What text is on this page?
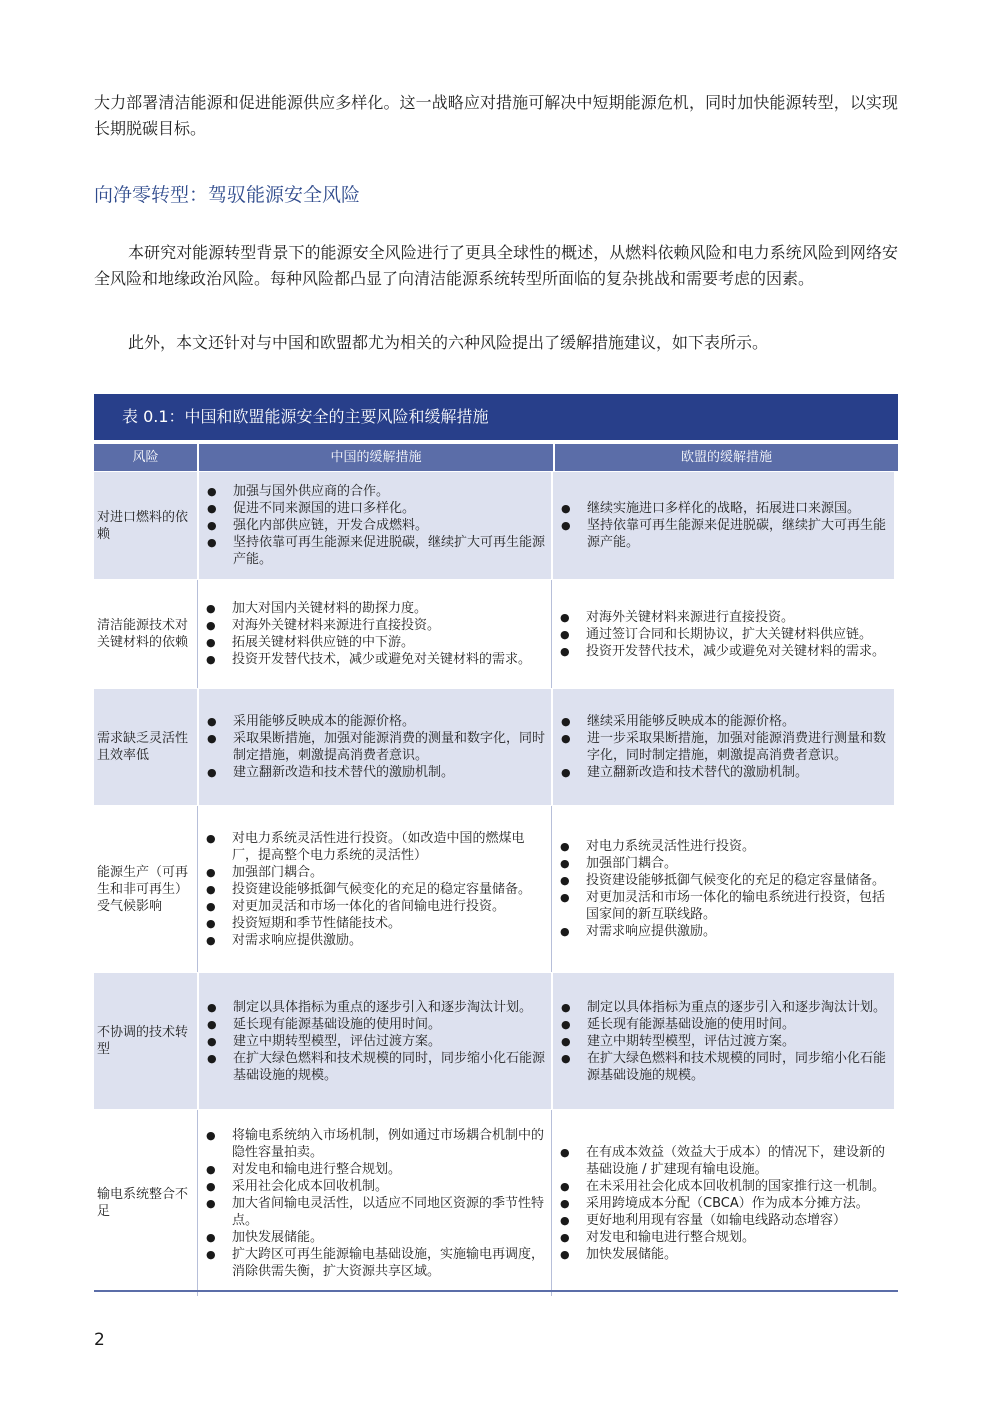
大力部署清洁能源和促进能源供应多样化。这一战略应对措施可解决中短期能源危机，同时加快能源转型，以实现长期脱碳目标。

向净零转型：驾驭能源安全风险

本研究对能源转型背景下的能源安全风险进行了更具全球性的概述，从燃料依赖风险和电力系统风险到网络安全风险和地缘政治风险。每种风险都凸显了向清洁能源系统转型所面临的复杂挑战和需要考虑的因素。

此外，本文还针对与中国和欧盟都尤为相关的六种风险提出了缓解措施建议，如下表所示。

表 0.1：中国和欧盟能源安全的主要风险和缓解措施
风险	中国的缓解措施	欧盟的缓解措施
对进口燃料的依赖
● 加强与国外供应商的合作。
● 促进不同来源国的进口多样化。
● 强化内部供应链，开发合成燃料。
● 坚持依靠可再生能源来促进脱碳，继续扩大可再生能源产能。
● 继续实施进口多样化的战略，拓展进口来源国。
● 坚持依靠可再生能源来促进脱碳，继续扩大可再生能源产能。
清洁能源技术对关键材料的依赖
● 加大对国内关键材料的勘探力度。
● 对海外关键材料来源进行直接投资。
● 拓展关键材料供应链的中下游。
● 投资开发替代技术，减少或避免对关键材料的需求。
● 对海外关键材料来源进行直接投资。
● 通过签订合同和长期协议，扩大关键材料供应链。
● 投资开发替代技术，减少或避免对关键材料的需求。
需求缺乏灵活性且效率低
● 采用能够反映成本的能源价格。
● 采取果断措施，加强对能源消费的测量和数字化，同时制定措施，刺激提高消费者意识。
● 建立翻新改造和技术替代的激励机制。
● 继续采用能够反映成本的能源价格。
● 进一步采取果断措施，加强对能源消费进行测量和数字化，同时制定措施，刺激提高消费者意识。
● 建立翻新改造和技术替代的激励机制。
能源生产（可再生和非可再生）受气候影响
● 对电力系统灵活性进行投资。（如改造中国的燃煤电厂，提高整个电力系统的灵活性）
● 加强部门耦合。
● 投资建设能够抵御气候变化的充足的稳定容量储备。
● 对更加灵活和市场一体化的省间输电进行投资。
● 投资短期和季节性储能技术。
● 对需求响应提供激励。
● 对电力系统灵活性进行投资。
● 加强部门耦合。
● 投资建设能够抵御气候变化的充足的稳定容量储备。
● 对更加灵活和市场一体化的输电系统进行投资，包括国家间的新互联线路。
● 对需求响应提供激励。
不协调的技术转型
● 制定以具体指标为重点的逐步引入和逐步淘汰计划。
● 延长现有能源基础设施的使用时间。
● 建立中期转型模型，评估过渡方案。
● 在扩大绿色燃料和技术规模的同时，同步缩小化石能源基础设施的规模。
● 制定以具体指标为重点的逐步引入和逐步淘汰计划。
● 延长现有能源基础设施的使用时间。
● 建立中期转型模型，评估过渡方案。
● 在扩大绿色燃料和技术规模的同时，同步缩小化石能源基础设施的规模。
输电系统整合不足
● 将输电系统纳入市场机制，例如通过市场耦合机制中的隐性容量拍卖。
● 对发电和输电进行整合规划。
● 采用社会化成本回收机制。
● 加大省间输电灵活性，以适应不同地区资源的季节性特点。
● 加快发展储能。
● 扩大跨区可再生能源输电基础设施，实施输电再调度，消除供需失衡，扩大资源共享区域。
● 在有成本效益（效益大于成本）的情况下，建设新的基础设施 / 扩建现有输电设施。
● 在未采用社会化成本回收机制的国家推行这一机制。
● 采用跨境成本分配（CBCA）作为成本分摊方法。
● 更好地利用现有容量（如输电线路动态增容）
● 对发电和输电进行整合规划。
● 加快发展储能。

2
